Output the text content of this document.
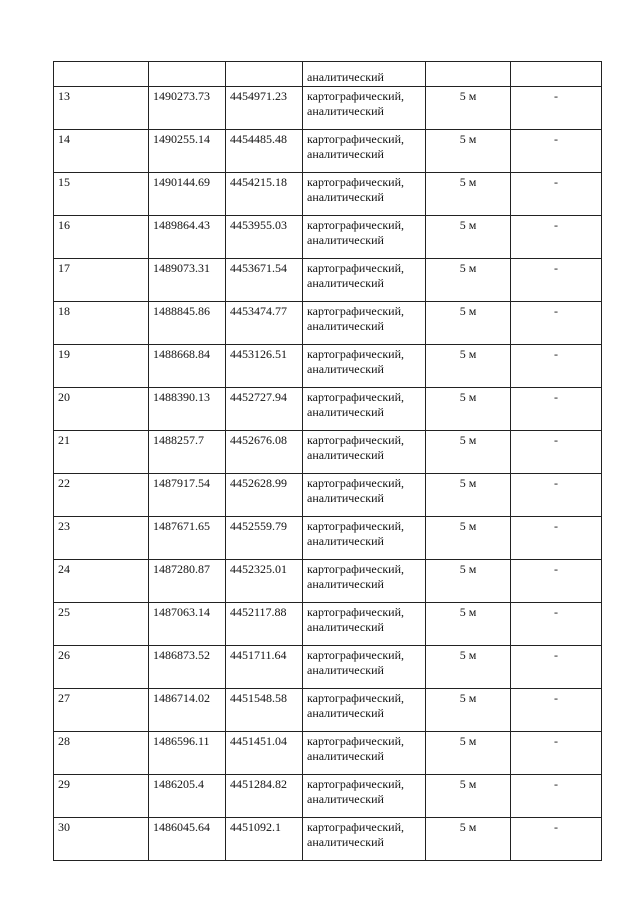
			аналитический		
13	1490273.73	4454971.23	картографический,
аналитический	5 м	-
14	1490255.14	4454485.48	картографический,
аналитический	5 м	-
15	1490144.69	4454215.18	картографический,
аналитический	5 м	-
16	1489864.43	4453955.03	картографический,
аналитический	5 м	-
17	1489073.31	4453671.54	картографический,
аналитический	5 м	-
18	1488845.86	4453474.77	картографический,
аналитический	5 м	-
19	1488668.84	4453126.51	картографический,
аналитический	5 м	-
20	1488390.13	4452727.94	картографический,
аналитический	5 м	-
21	1488257.7	4452676.08	картографический,
аналитический	5 м	-
22	1487917.54	4452628.99	картографический,
аналитический	5 м	-
23	1487671.65	4452559.79	картографический,
аналитический	5 м	-
24	1487280.87	4452325.01	картографический,
аналитический	5 м	-
25	1487063.14	4452117.88	картографический,
аналитический	5 м	-
26	1486873.52	4451711.64	картографический,
аналитический	5 м	-
27	1486714.02	4451548.58	картографический,
аналитический	5 м	-
28	1486596.11	4451451.04	картографический,
аналитический	5 м	-
29	1486205.4	4451284.82	картографический,
аналитический	5 м	-
30	1486045.64	4451092.1	картографический,
аналитический	5 м	-
